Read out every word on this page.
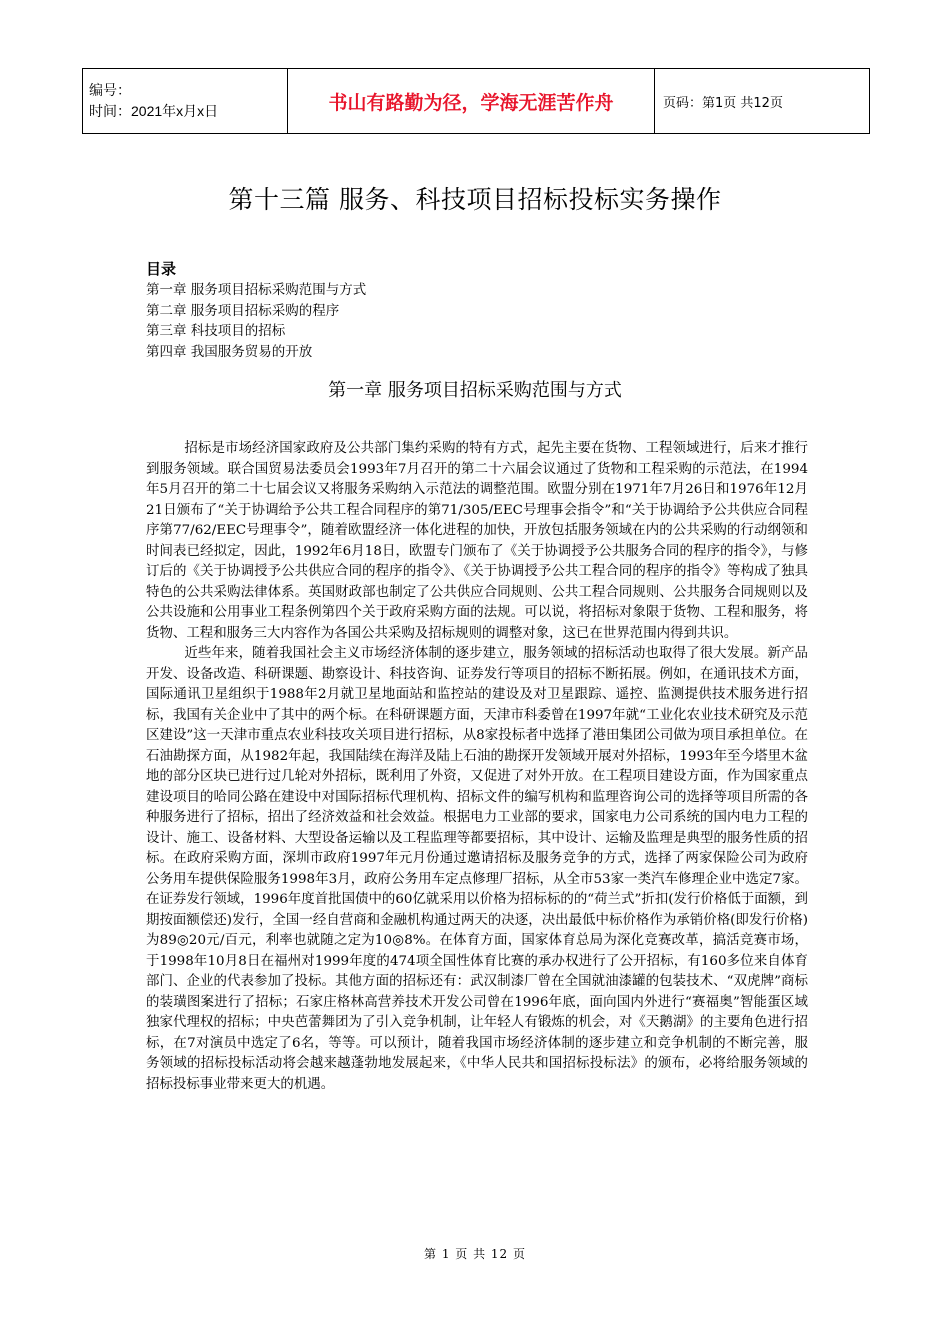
编号：
时间：2021年x月x日	书山有路勤为径，学海无涯苦作舟	页码：第1页 共12页
第十三篇 服务、科技项目招标投标实务操作
目录
第一章 服务项目招标采购范围与方式
第二章 服务项目招标采购的程序
第三章 科技项目的招标
第四章 我国服务贸易的开放
第一章 服务项目招标采购范围与方式

招标是市场经济国家政府及公共部门集约采购的特有方式，起先主要在货物、工程领域进行，后来才推行到服务领域。联合国贸易法委员会1993年7月召开的第二十六届会议通过了货物和工程采购的示范法，在1994年5月召开的第二十七届会议又将服务采购纳入示范法的调整范围。欧盟分别在1971年7月26日和1976年12月21日颁布了“关于协调给予公共工程合同程序的第71/305/EEC号理事会指令”和“关于协调给予公共供应合同程序第77/62/EEC号理事令”，随着欧盟经济一体化进程的加快，开放包括服务领域在内的公共采购的行动纲领和时间表已经拟定，因此，1992年6月18日，欧盟专门颁布了《关于协调授予公共服务合同的程序的指令》，与修订后的《关于协调授予公共供应合同的程序的指令》、《关于协调授予公共工程合同的程序的指令》等构成了独具特色的公共采购法律体系。英国财政部也制定了公共供应合同规则、公共工程合同规则、公共服务合同规则以及公共设施和公用事业工程条例第四个关于政府采购方面的法规。可以说，将招标对象限于货物、工程和服务，将货物、工程和服务三大内容作为各国公共采购及招标规则的调整对象，这已在世界范围内得到共识。

近些年来，随着我国社会主义市场经济体制的逐步建立，服务领域的招标活动也取得了很大发展。新产品开发、设备改造、科研课题、勘察设计、科技咨询、证券发行等项目的招标不断拓展。例如，在通讯技术方面，国际通讯卫星组织于1988年2月就卫星地面站和监控站的建设及对卫星跟踪、遥控、监测提供技术服务进行招标，我国有关企业中了其中的两个标。在科研课题方面，天津市科委曾在1997年就“工业化农业技术研究及示范区建设”这一天津市重点农业科技攻关项目进行招标，从8家投标者中选择了港田集团公司做为项目承担单位。在石油勘探方面，从1982年起，我国陆续在海洋及陆上石油的勘探开发领域开展对外招标，1993年至今塔里木盆地的部分区块已进行过几轮对外招标，既利用了外资，又促进了对外开放。在工程项目建设方面，作为国家重点建设项目的哈同公路在建设中对国际招标代理机构、招标文件的编写机构和监理咨询公司的选择等项目所需的各种服务进行了招标，招出了经济效益和社会效益。根据电力工业部的要求，国家电力公司系统的国内电力工程的设计、施工、设备材料、大型设备运输以及工程监理等都要招标，其中设计、运输及监理是典型的服务性质的招标。在政府采购方面，深圳市政府1997年元月份通过邀请招标及服务竞争的方式，选择了两家保险公司为政府公务用车提供保险服务1998年3月，政府公务用车定点修理厂招标，从全市53家一类汽车修理企业中选定7家。在证券发行领域，1996年度首批国债中的60亿就采用以价格为招标标的的“荷兰式”折扣(发行价格低于面额，到期按面额偿还)发行，全国一经自营商和金融机构通过两天的决逐，决出最低中标价格作为承销价格(即发行价格)为89◎20元/百元，利率也就随之定为10◎8%。在体育方面，国家体育总局为深化竞赛改革，搞活竞赛市场，于1998年10月8日在福州对1999年度的474项全国性体育比赛的承办权进行了公开招标，有160多位来自体育部门、企业的代表参加了投标。其他方面的招标还有：武汉制漆厂曾在全国就油漆罐的包装技术、“双虎牌”商标的装璜图案进行了招标；石家庄格林高营养技术开发公司曾在1996年底，面向国内外进行“赛福奥”智能蛋区域独家代理权的招标；中央芭蕾舞团为了引入竞争机制，让年轻人有锻炼的机会，对《天鹅湖》的主要角色进行招标，在7对演员中选定了6名，等等。可以预计，随着我国市场经济体制的逐步建立和竞争机制的不断完善，服务领域的招标投标活动将会越来越蓬勃地发展起来，《中华人民共和国招标投标法》的颁布，必将给服务领域的招标投标事业带来更大的机遇。

第 1 页 共 12 页
